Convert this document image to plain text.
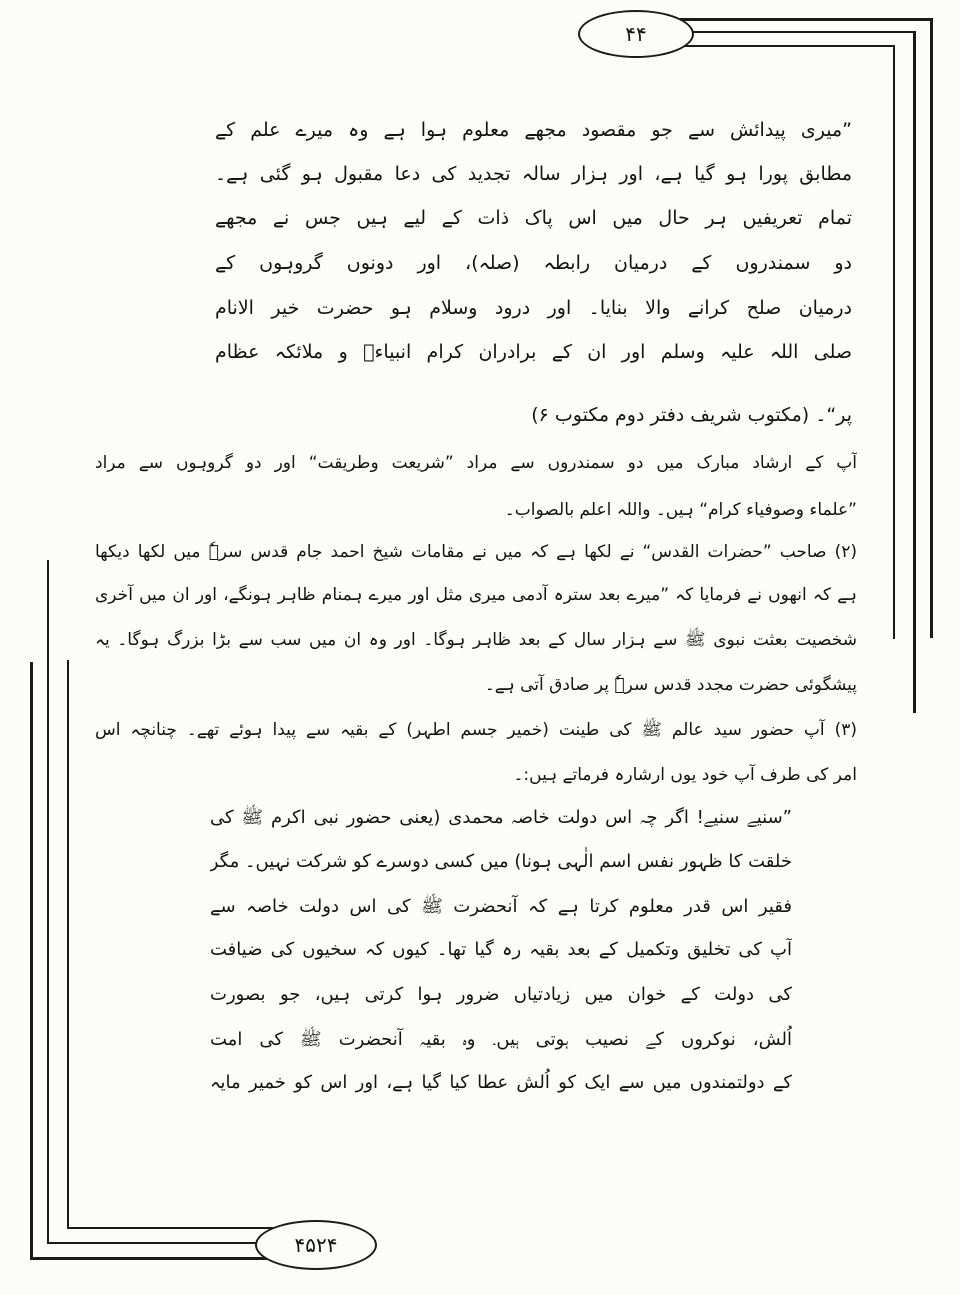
۴۴
۴۵۲۴
”میری پیدائش سے جو مقصود مجھے معلوم ہوا ہے وہ میرے علم کے
مطابق پورا ہو گیا ہے، اور ہزار سالہ تجدید کی دعا مقبول ہو گئی ہے۔
تمام تعریفیں ہر حال میں اس پاک ذات کے لیے ہیں جس نے مجھے
دو سمندروں کے درمیان رابطہ (صلہ)، اور دونوں گروہوں کے
درمیان صلح کرانے والا بنایا۔ اور درود وسلام ہو حضرت خیر الانام
صلی اللہ علیہ وسلم اور ان کے برادران کرام انبیاءؑ و ملائکہ عظام
پر“۔ (مکتوب شریف دفتر دوم مکتوب ۶)
آپ کے ارشاد مبارک میں دو سمندروں سے مراد ”شریعت وطریقت“ اور دو گروہوں سے مراد
”علماء وصوفیاء کرام“ ہیں۔ واللہ اعلم بالصواب۔
(۲) صاحب ”حضرات القدس“ نے لکھا ہے کہ میں نے مقامات شیخ احمد جام قدس سرہٗ میں لکھا دیکھا
ہے کہ انھوں نے فرمایا کہ ”میرے بعد سترہ آدمی میری مثل اور میرے ہمنام ظاہر ہونگے، اور ان میں آخری
شخصیت بعثت نبوی ﷺ سے ہزار سال کے بعد ظاہر ہوگا۔ اور وہ ان میں سب سے بڑا بزرگ ہوگا۔ یہ
پیشگوئی حضرت مجدد قدس سرہٗ پر صادق آتی ہے۔
(۳) آپ حضور سید عالم ﷺ کی طینت (خمیر جسم اطہر) کے بقیہ سے پیدا ہوئے تھے۔ چنانچہ اس
امر کی طرف آپ خود یوں ارشارہ فرماتے ہیں:۔
”سنیے سنیے! اگر چہ اس دولت خاصہ محمدی (یعنی حضور نبی اکرم ﷺ کی
خلقت کا ظہور نفس اسم الٰہی ہونا) میں کسی دوسرے کو شرکت نہیں۔ مگر
فقیر اس قدر معلوم کرتا ہے کہ آنحضرت ﷺ کی اس دولت خاصہ سے
آپ کی تخلیق وتکمیل کے بعد بقیہ رہ گیا تھا۔ کیوں کہ سخیوں کی ضیافت
کی دولت کے خوان میں زیادتیاں ضرور ہوا کرتی ہیں، جو بصورت
اُلش، نوکروں کے نصیب ہوتی ہیں۔ وہ بقیہ آنحضرت ﷺ کی امت
کے دولتمندوں میں سے ایک کو اُلش عطا کیا گیا ہے، اور اس کو خمیر مایہ
